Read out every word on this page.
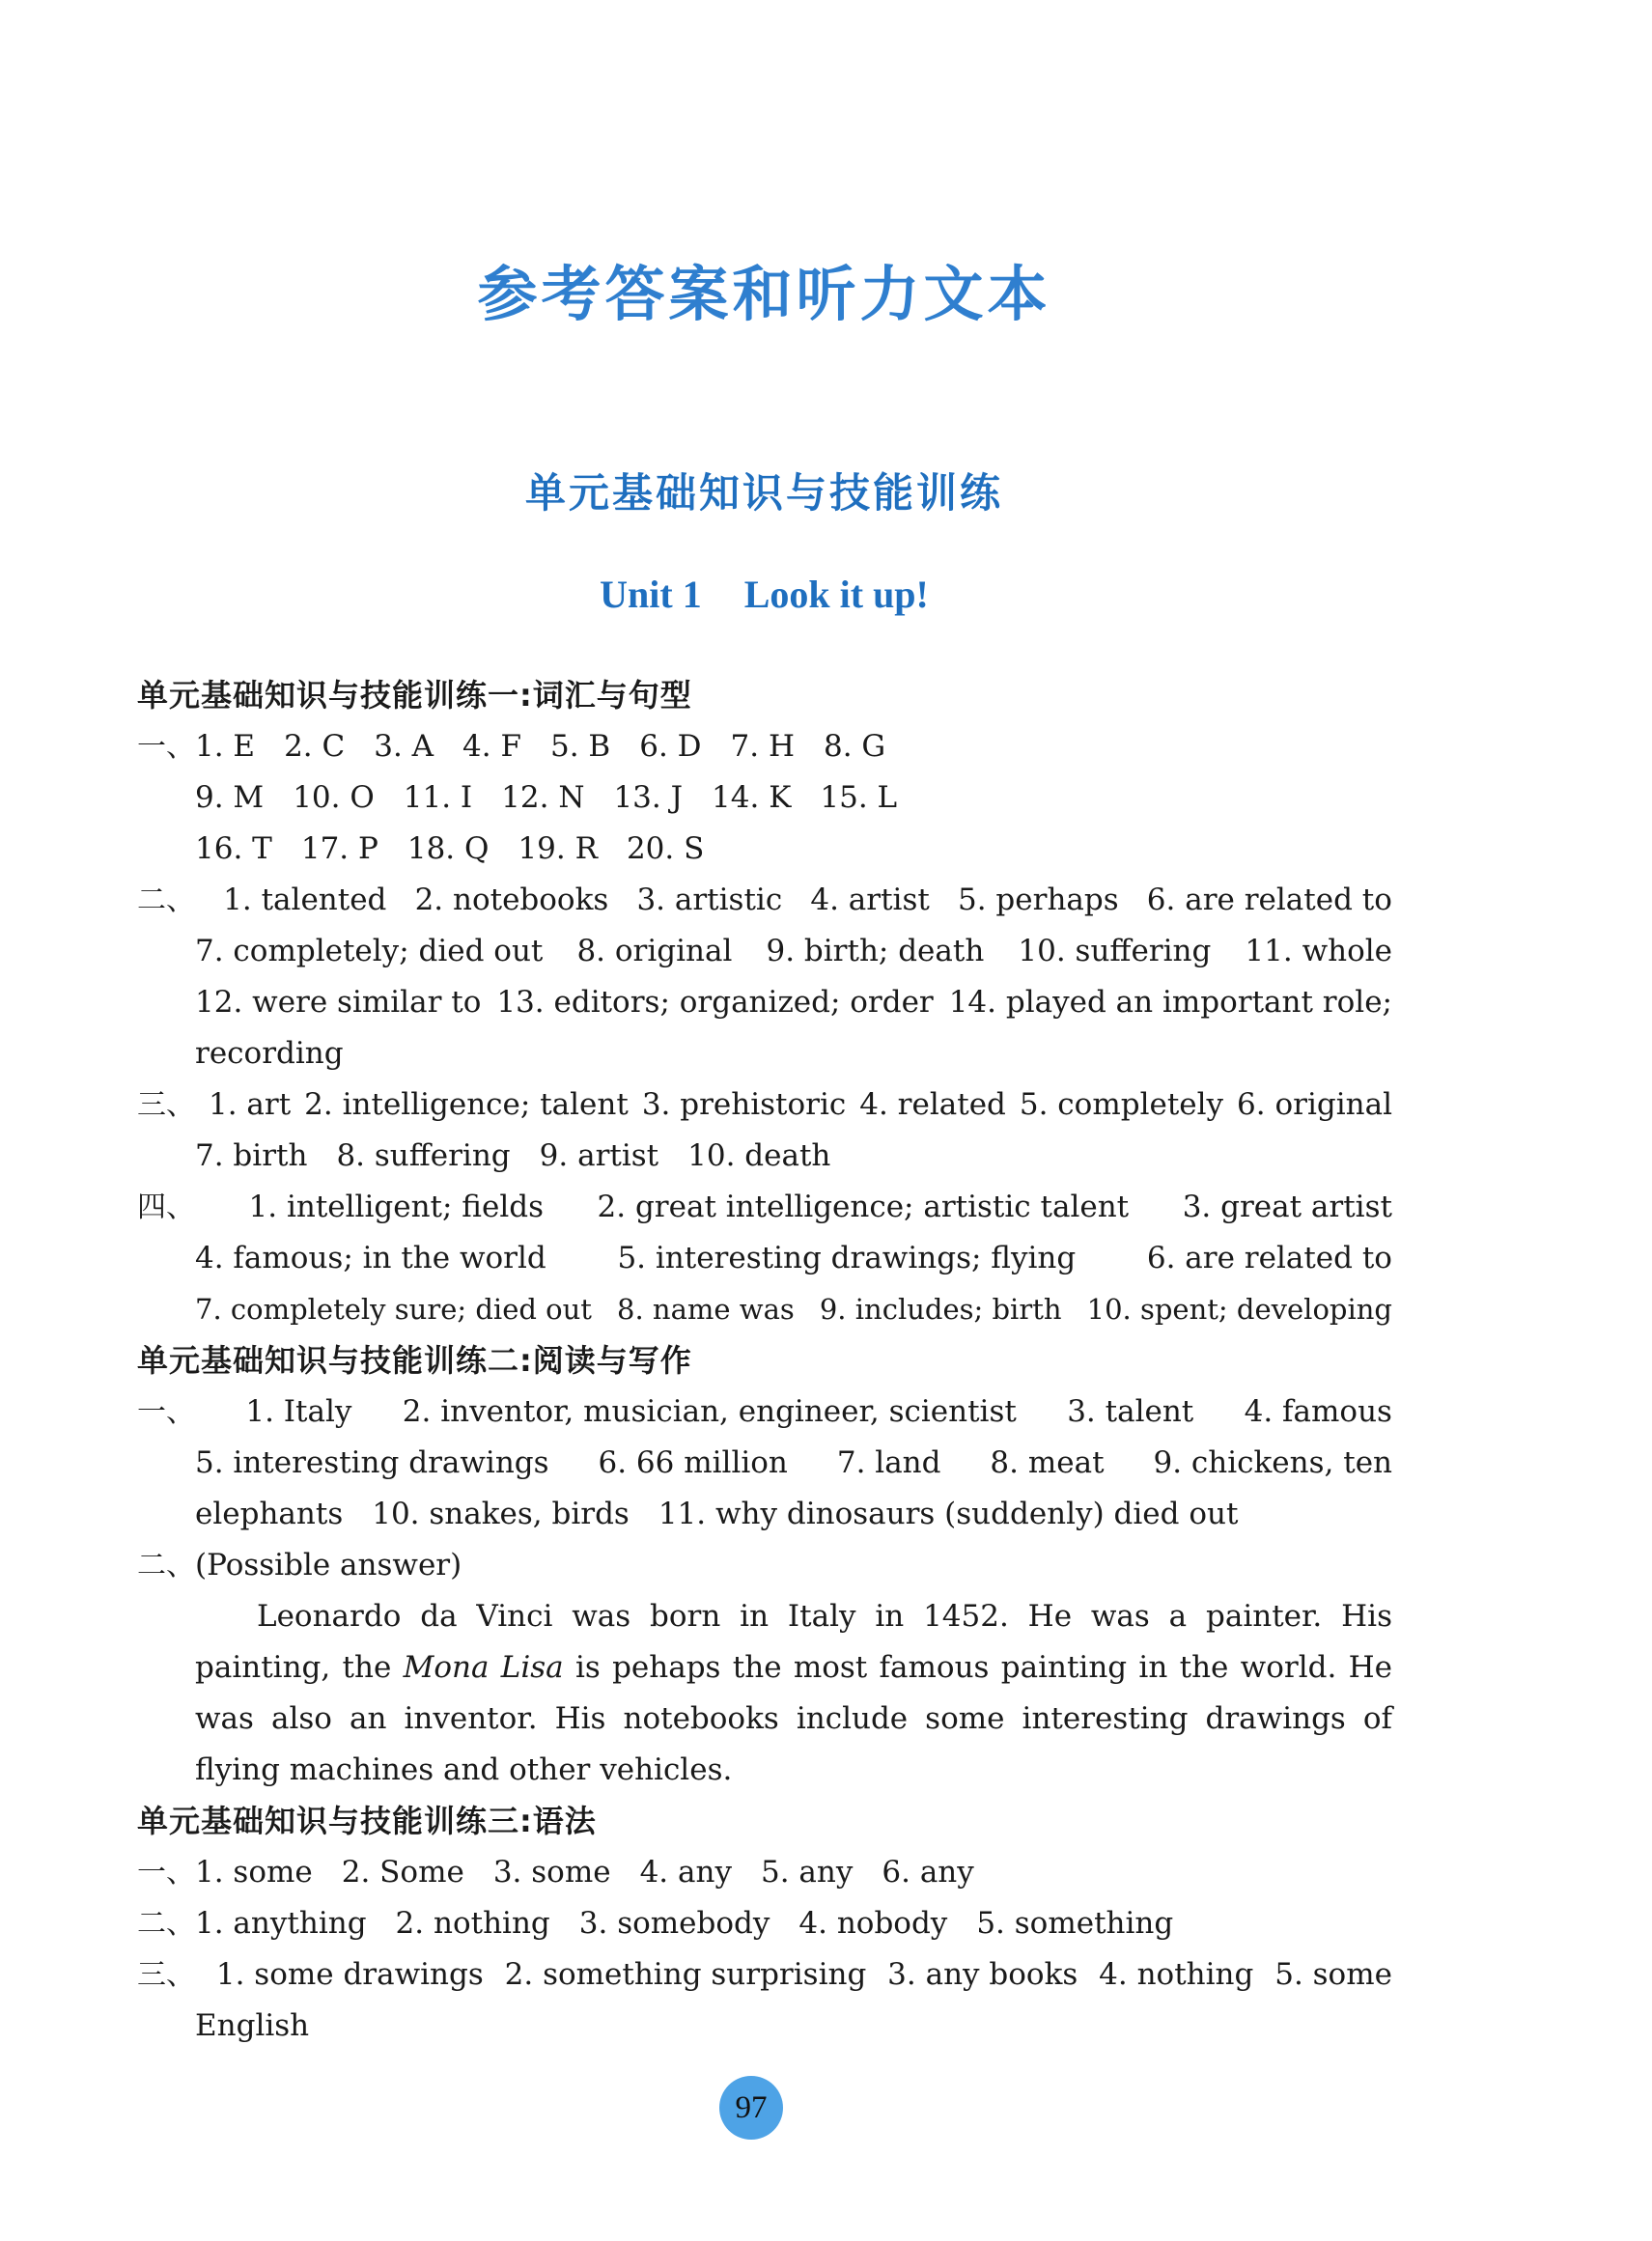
参考答案和听力文本
单元基础知识与技能训练
Unit 1 Look it up!
单元基础知识与技能训练一:词汇与句型
一、 1. E 2. C 3. A 4. F 5. B 6. D 7. H 8. G
9. M 10. O 11. I 12. N 13. J 14. K 15. L
16. T 17. P 18. Q 19. R 20. S
二、 1. talented 2. notebooks 3. artistic 4. artist 5. perhaps 6. are related to
7. completely; died out 8. original 9. birth; death 10. suffering 11. whole
12. were similar to 13. editors; organized; order 14. played an important role;
recording
三、 1. art 2. intelligence; talent 3. prehistoric 4. related 5. completely 6. original
7. birth 8. suffering 9. artist 10. death
四、 1. intelligent; fields 2. great intelligence; artistic talent 3. great artist
4. famous; in the world 5. interesting drawings; flying 6. are related to
7. completely sure; died out 8. name was 9. includes; birth 10. spent; developing
单元基础知识与技能训练二:阅读与写作
一、 1. Italy 2. inventor, musician, engineer, scientist 3. talent 4. famous
5. interesting drawings 6. 66 million 7. land 8. meat 9. chickens, ten
elephants 10. snakes, birds 11. why dinosaurs (suddenly) died out
二、 (Possible answer)
Leonardo da Vinci was born in Italy in 1452. He was a painter. His painting, the Mona Lisa is pehaps the most famous painting in the world. He was also an inventor. His notebooks include some interesting drawings of flying machines and other vehicles.
单元基础知识与技能训练三:语法
一、 1. some 2. Some 3. some 4. any 5. any 6. any
二、 1. anything 2. nothing 3. somebody 4. nobody 5. something
三、 1. some drawings 2. something surprising 3. any books 4. nothing 5. some
English
97
